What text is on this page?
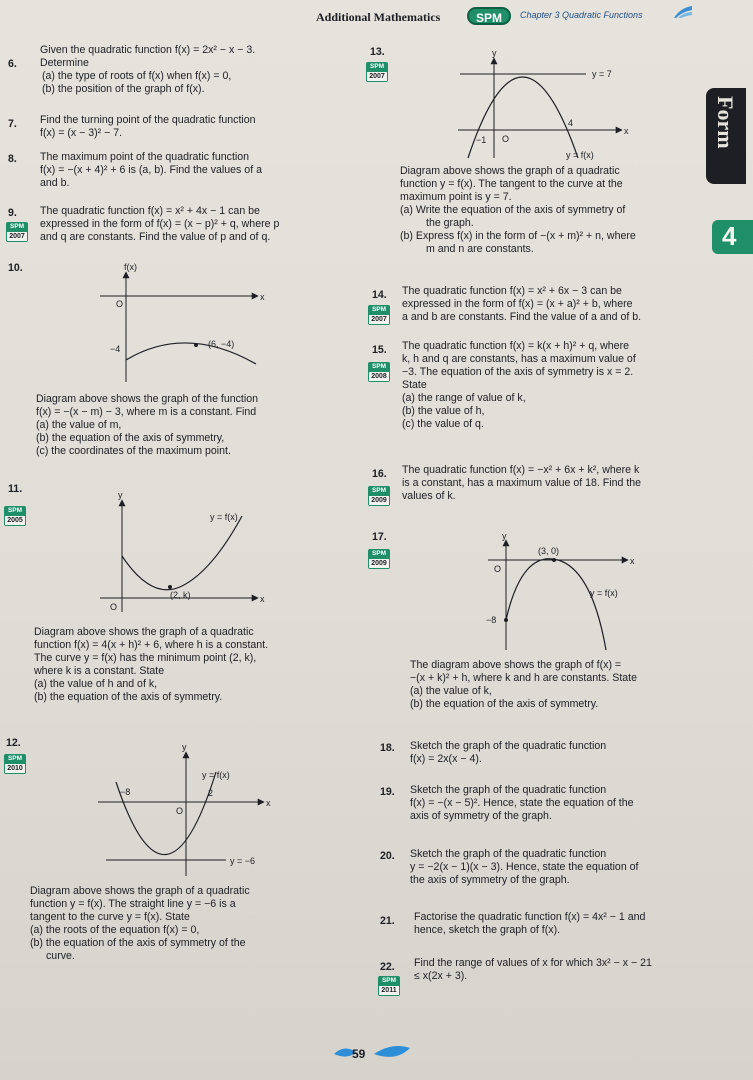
Additional Mathematics	SPM	Chapter 3 Quadratic Functions
Form
4
6.

Given the quadratic function f(x) = 2x² − x − 3.

Determine

(a) the type of roots of f(x) when f(x) = 0,

(b) the position of the graph of f(x).

7. Find the turning point of the quadratic function

f(x) = (x − 3)² − 7.

8. The maximum point of the quadratic function

f(x) = −(x + 4)² + 6 is (a, b). Find the values of a

and b.

9.
SPM
2007

The quadratic function f(x) = x² + 4x − 1 can be

expressed in the form of f(x) = (x − p)² + q, where p

and q are constants. Find the value of p and of q.

10.	f(x)
x
O
−4	(6, −4)

Diagram above shows the graph of the function

f(x) = −(x − m) − 3, where m is a constant. Find

(a) the value of m,

(b) the equation of the axis of symmetry,

(c) the coordinates of the maximum point.

11.
SPM
2005
y
x
O
y = f(x)
(2, k)

Diagram above shows the graph of a quadratic

function f(x) = 4(x + h)² + 6, where h is a constant.

The curve y = f(x) has the minimum point (2, k),

where k is a constant. State

(a) the value of h and of k,

(b) the equation of the axis of symmetry.

12.
SPM
2010
y
x
O
y = f(x)
y = −6
−8	2

Diagram above shows the graph of a quadratic

function y = f(x). The straight line y = −6 is a

tangent to the curve y = f(x). State

(a) the roots of the equation f(x) = 0,

(b) the equation of the axis of symmetry of the

curve.

13.
SPM
2007
y
x
O
y = 7
y = f(x)
−1
4

Diagram above shows the graph of a quadratic

function y = f(x). The tangent to the curve at the

maximum point is y = 7.

(a) Write the equation of the axis of symmetry of

the graph.

(b) Express f(x) in the form of −(x + m)² + n, where

m and n are constants.

14.
SPM
2007

The quadratic function f(x) = x² + 6x − 3 can be

expressed in the form of f(x) = (x + a)² + b, where

a and b are constants. Find the value of a and of b.

15.
SPM
2008

The quadratic function f(x) = k(x + h)² + q, where

k, h and q are constants, has a maximum value of

−3. The equation of the axis of symmetry is x = 2.

State

(a) the range of value of k,

(b) the value of h,

(c) the value of q.

16.
SPM
2009

The quadratic function f(x) = −x² + 6x + k², where k

is a constant, has a maximum value of 18. Find the

values of k.

17.
SPM
2009
y
x
O
(3, 0)
y = f(x)
−8

The diagram above shows the graph of f(x) =

−(x + k)² + h, where k and h are constants. State

(a) the value of k,

(b) the equation of the axis of symmetry.

18. Sketch the graph of the quadratic function

f(x) = 2x(x − 4).

19. Sketch the graph of the quadratic function

f(x) = −(x − 5)². Hence, state the equation of the

axis of symmetry of the graph.

20. Sketch the graph of the quadratic function

y = −2(x − 1)(x − 3). Hence, state the equation of

the axis of symmetry of the graph.

21. Factorise the quadratic function f(x) = 4x² − 1 and

hence, sketch the graph of f(x).

22.
SPM
2011

Find the range of values of x for which 3x² − x − 21

≤ x(2x + 3).

59
